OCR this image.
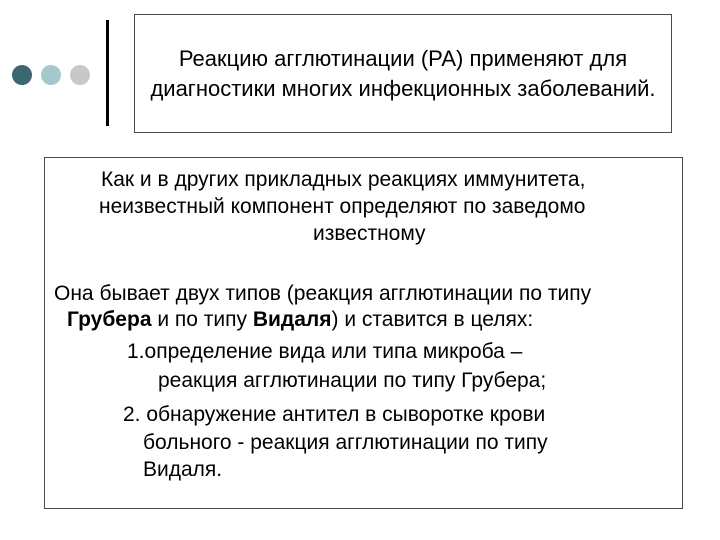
Реакцию агглютинации (РА) применяют для диагностики многих инфекционных заболеваний.
Как и в других прикладных реакциях иммунитета,
неизвестный компонент определяют по заведомо
известному
Она бывает двух типов (реакция агглютинации по типу
Грубера и по типу Видаля) и ставится в целях:
1.определение вида или типа микроба –
реакция агглютинации по типу Грубера;
2. обнаружение антител в сыворотке крови
больного - реакция агглютинации по типу
Видаля.
